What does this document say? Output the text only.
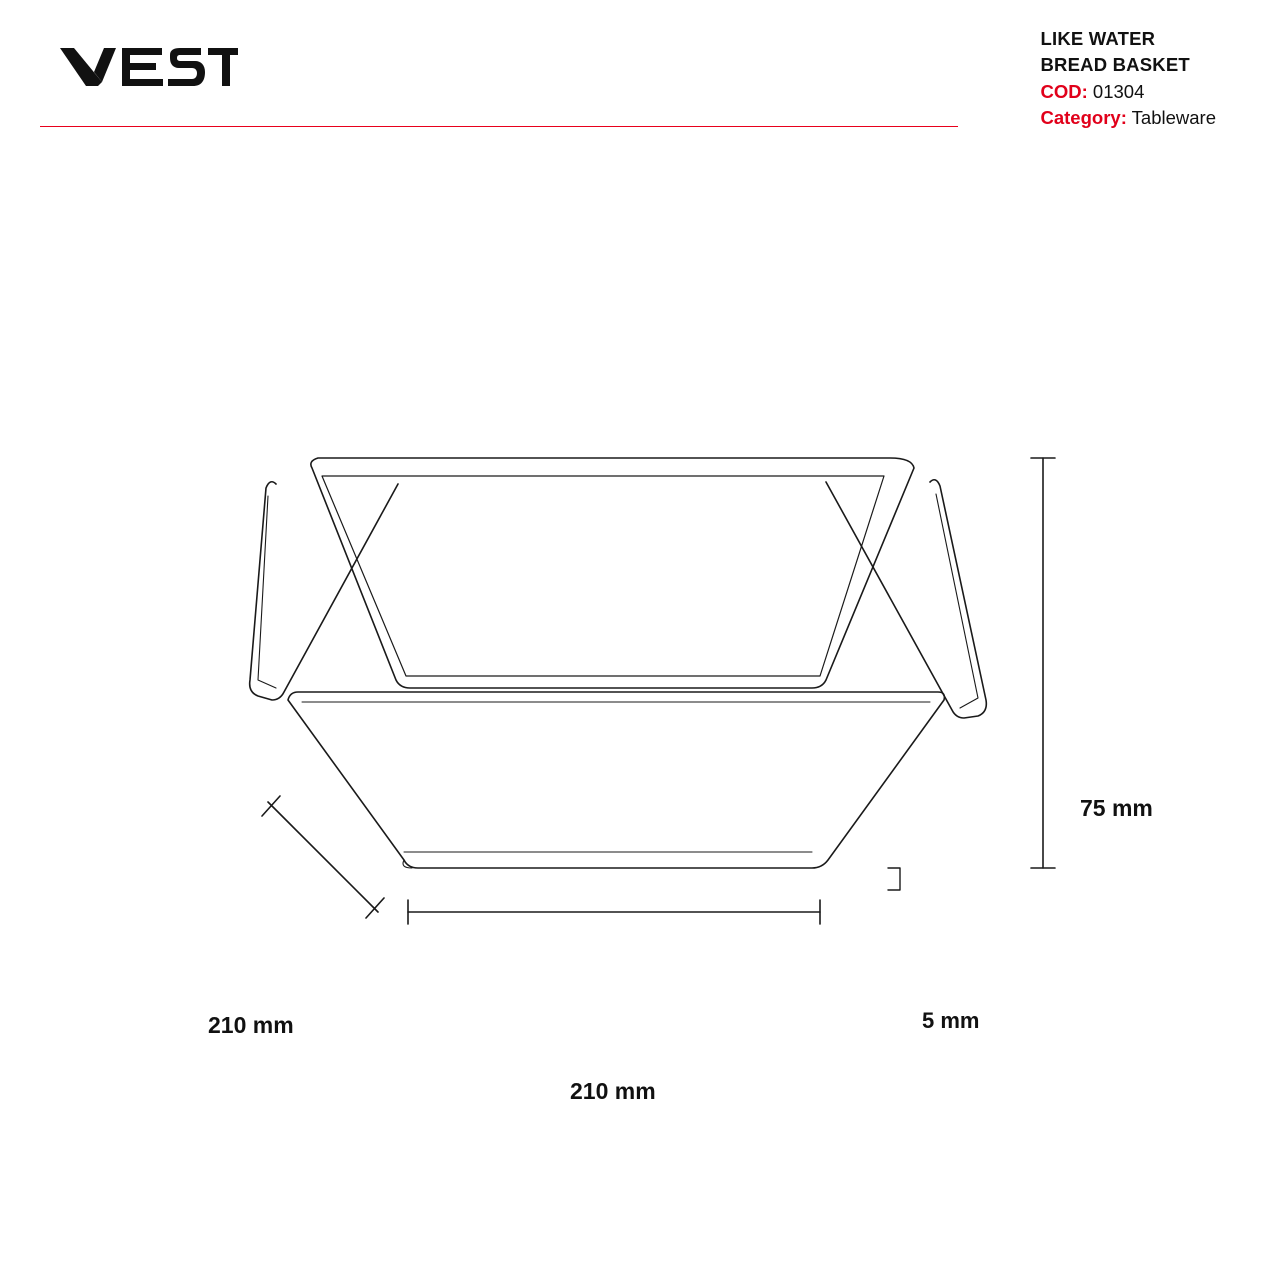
LIKE WATER
BREAD BASKET
COD: 01304
Category: Tableware
75 mm
210 mm
210 mm	5 mm
